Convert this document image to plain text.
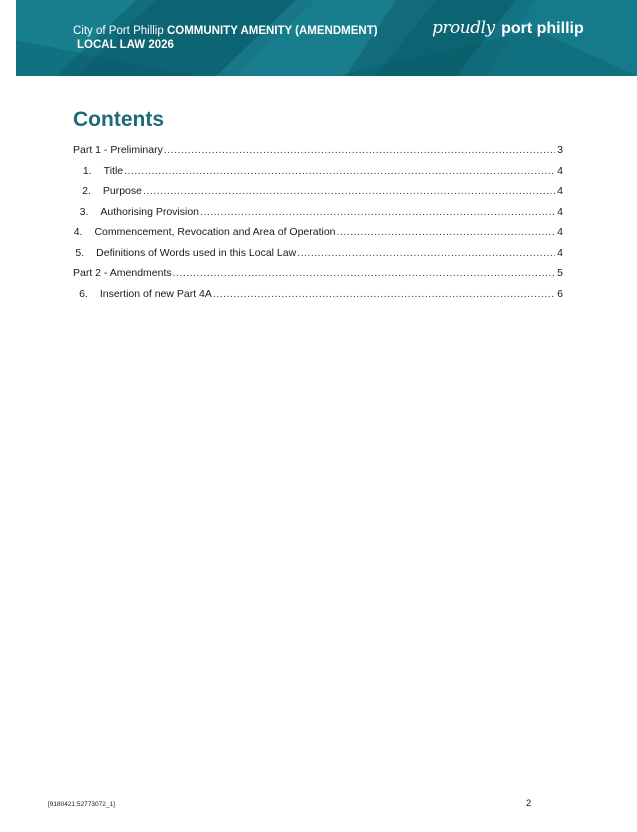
City of Port Phillip COMMUNITY AMENITY (AMENDMENT)
LOCAL LAW 2026
proudly port phillip
Contents
Part 1 - Preliminary .....	3
1. Title .....	4
2. Purpose .....	4
3. Authorising Provision .....	4
4. Commencement, Revocation and Area of Operation .....	4
5. Definitions of Words used in this Local Law .....	4
Part 2 - Amendments .....	5
6. Insertion of new Part 4A .....	6
[9180421:52773072_1]	2
